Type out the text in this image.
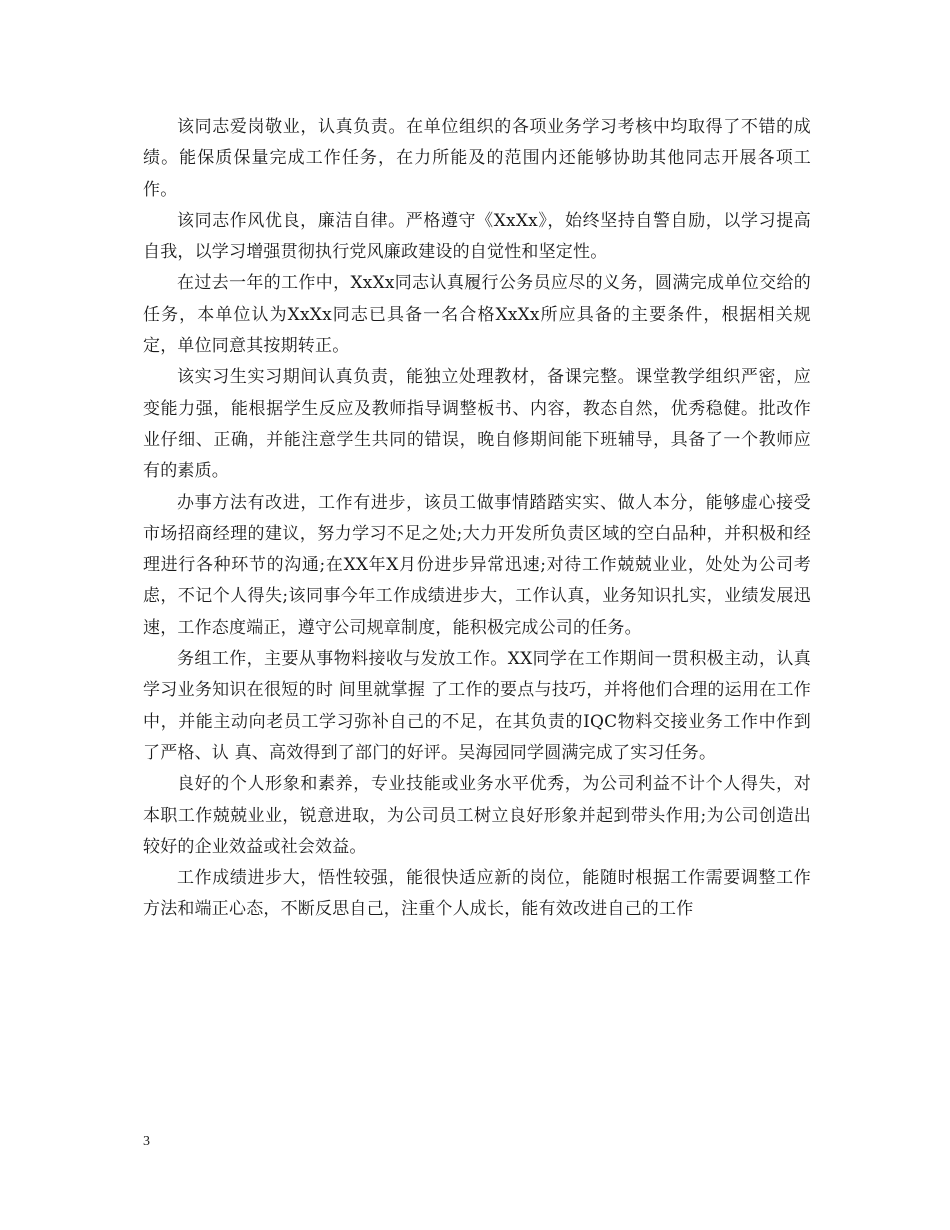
该同志爱岗敬业，认真负责。在单位组织的各项业务学习考核中均取得了不错的成绩。能保质保量完成工作任务，在力所能及的范围内还能够协助其他同志开展各项工作。

该同志作风优良，廉洁自律。严格遵守《XxXx》，始终坚持自警自励，以学习提高自我，以学习增强贯彻执行党风廉政建设的自觉性和坚定性。

在过去一年的工作中，XxXx同志认真履行公务员应尽的义务，圆满完成单位交给的任务，本单位认为XxXx同志已具备一名合格XxXx所应具备的主要条件，根据相关规定，单位同意其按期转正。

该实习生实习期间认真负责，能独立处理教材，备课完整。课堂教学组织严密，应变能力强，能根据学生反应及教师指导调整板书、内容，教态自然，优秀稳健。批改作业仔细、正确，并能注意学生共同的错误，晚自修期间能下班辅导，具备了一个教师应有的素质。

办事方法有改进，工作有进步，该员工做事情踏踏实实、做人本分，能够虚心接受市场招商经理的建议，努力学习不足之处;大力开发所负责区域的空白品种，并积极和经理进行各种环节的沟通;在XX年X月份进步异常迅速;对待工作兢兢业业，处处为公司考虑，不记个人得失;该同事今年工作成绩进步大，工作认真，业务知识扎实，业绩发展迅速，工作态度端正，遵守公司规章制度，能积极完成公司的任务。

务组工作，主要从事物料接收与发放工作。XX同学在工作期间一贯积极主动，认真学习业务知识在很短的时 间里就掌握 了工作的要点与技巧，并将他们合理的运用在工作中，并能主动向老员工学习弥补自己的不足，在其负责的IQC物料交接业务工作中作到了严格、认 真、高效得到了部门的好评。吴海园同学圆满完成了实习任务。

良好的个人形象和素养，专业技能或业务水平优秀，为公司利益不计个人得失，对本职工作兢兢业业，锐意进取，为公司员工树立良好形象并起到带头作用;为公司创造出较好的企业效益或社会效益。

工作成绩进步大，悟性较强，能很快适应新的岗位，能随时根据工作需要调整工作方法和端正心态，不断反思自己，注重个人成长，能有效改进自己的工作

3
